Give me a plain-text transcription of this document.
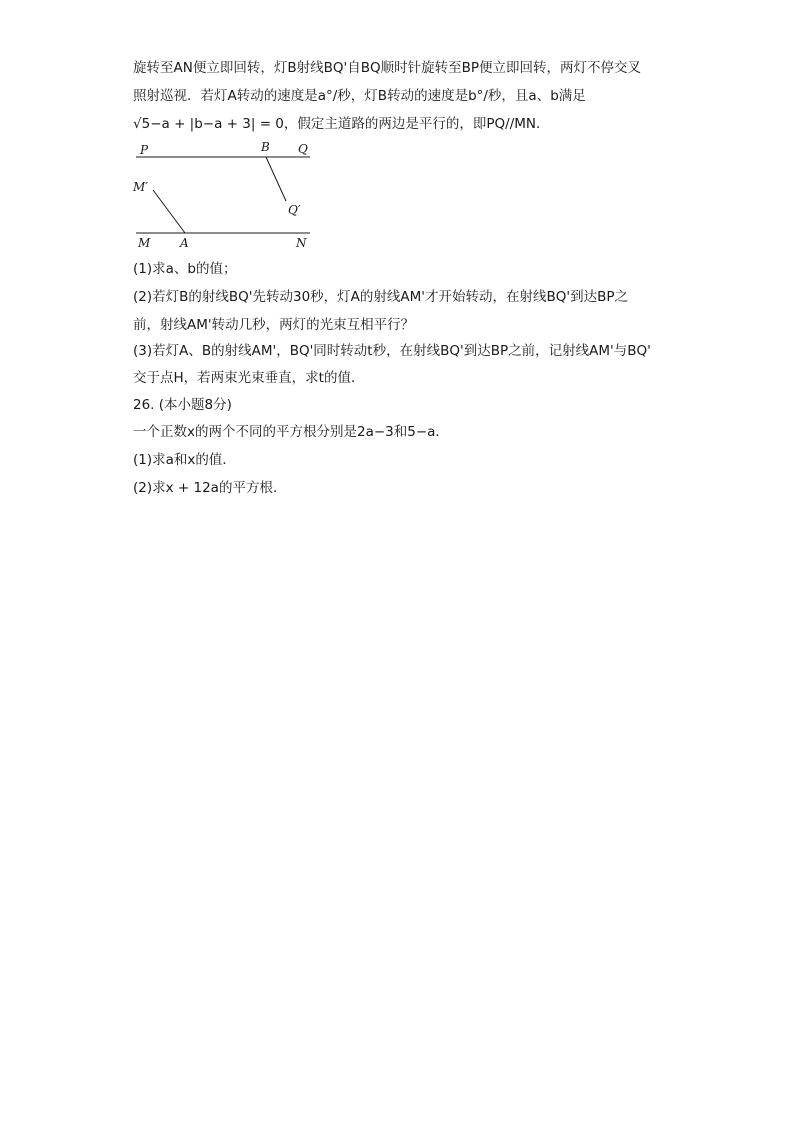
旋转至AN便立即回转，灯B射线BQ'自BQ顺时针旋转至BP便立即回转，两灯不停交叉
照射巡视．若灯A转动的速度是a°/秒，灯B转动的速度是b°/秒，且a、b满足
√5−a + |b−a + 3| = 0，假定主道路的两边是平行的，即PQ//MN．
P	B Q
M′
Q′
M A	N
(1)求a、b的值；
(2)若灯B的射线BQ'先转动30秒，灯A的射线AM'才开始转动，在射线BQ'到达BP之
前，射线AM'转动几秒，两灯的光束互相平行？
(3)若灯A、B的射线AM'，BQ'同时转动t秒，在射线BQ'到达BP之前，记射线AM'与BQ'
交于点H，若两束光束垂直，求t的值．
26. (本小题8分)
一个正数x的两个不同的平方根分别是2a−3和5−a．
(1)求a和x的值．
(2)求x + 12a的平方根．
